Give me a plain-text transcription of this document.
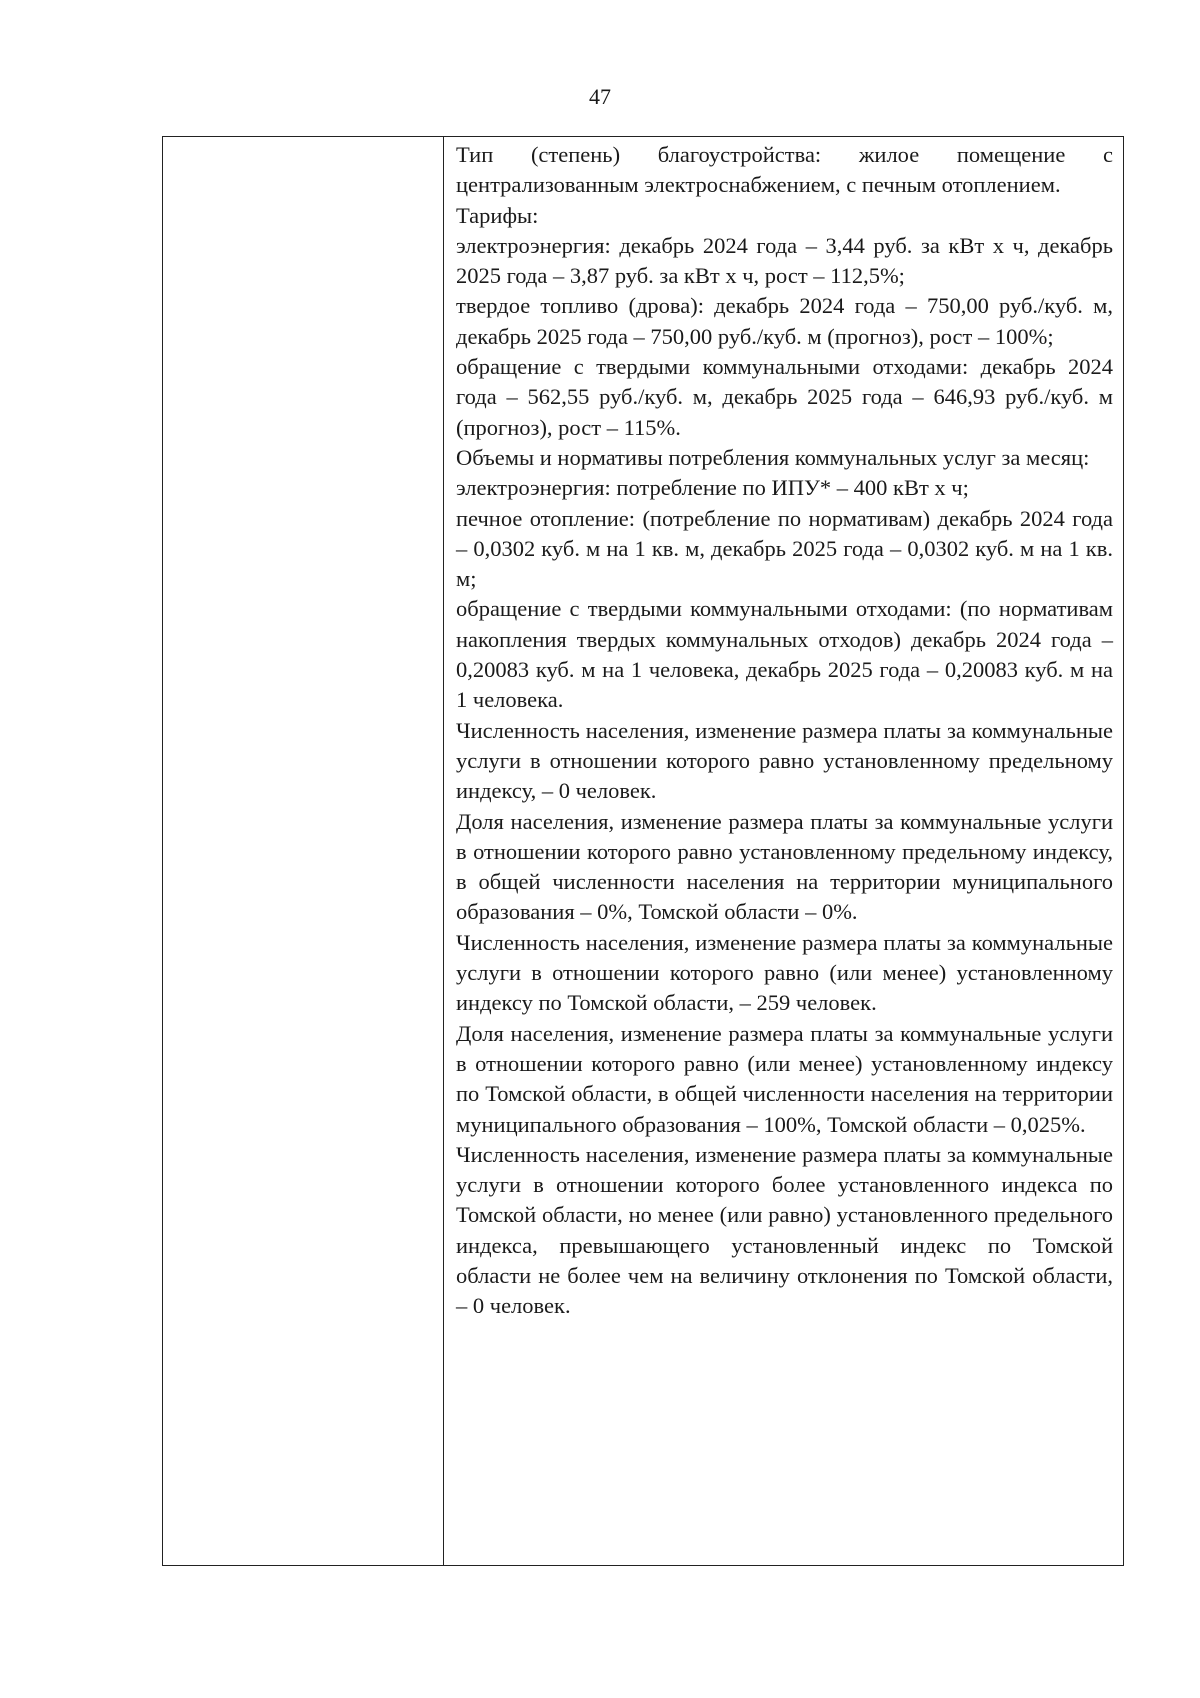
47

Тип (степень) благоустройства: жилое помещение с централизованным электроснабжением, с печным отоплением.

Тарифы:

электроэнергия: декабрь 2024 года – 3,44 руб. за кВт х ч, декабрь 2025 года – 3,87 руб. за кВт х ч, рост – 112,5%;

твердое топливо (дрова): декабрь 2024 года – 750,00 руб./куб. м, декабрь 2025 года – 750,00 руб./куб. м (прогноз), рост – 100%;

обращение с твердыми коммунальными отходами: декабрь 2024 года – 562,55 руб./куб. м, декабрь 2025 года – 646,93 руб./куб. м (прогноз), рост – 115%.

Объемы и нормативы потребления коммунальных услуг за месяц:

электроэнергия: потребление по ИПУ* – 400 кВт х ч;

печное отопление: (потребление по нормативам) декабрь 2024 года – 0,0302 куб. м на 1 кв. м, декабрь 2025 года – 0,0302 куб. м на 1 кв. м;

обращение с твердыми коммунальными отходами: (по нормативам накопления твердых коммунальных отходов) декабрь 2024 года – 0,20083 куб. м на 1 человека, декабрь 2025 года – 0,20083 куб. м на 1 человека.

Численность населения, изменение размера платы за коммунальные услуги в отношении которого равно установленному предельному индексу, – 0 человек.

Доля населения, изменение размера платы за коммунальные услуги в отношении которого равно установленному предельному индексу, в общей численности населения на территории муниципального образования – 0%, Томской области – 0%.

Численность населения, изменение размера платы за коммунальные услуги в отношении которого равно (или менее) установленному индексу по Томской области, – 259 человек.

Доля населения, изменение размера платы за коммунальные услуги в отношении которого равно (или менее) установленному индексу по Томской области, в общей численности населения на территории муниципального образования – 100%, Томской области – 0,025%.

Численность населения, изменение размера платы за коммунальные услуги в отношении которого более установленного индекса по Томской области, но менее (или равно) установленного предельного индекса, превышающего установленный индекс по Томской области не более чем на величину отклонения по Томской области, – 0 человек.
